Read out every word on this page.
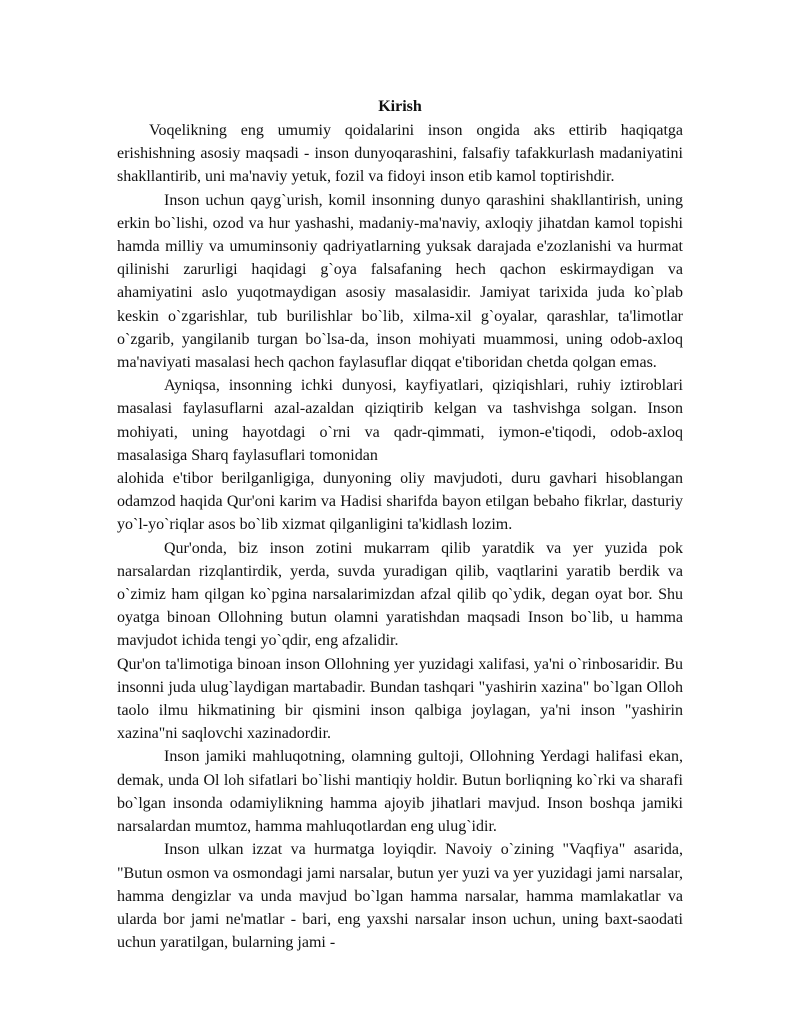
Kirish

Voqelikning eng umumiy qoidalarini inson ongida aks ettirib haqiqatga erishishning asosiy maqsadi - inson dunyoqarashini, falsafiy tafakkurlash madaniyatini shakllantirib, uni ma'naviy yetuk, fozil va fidoyi inson etib kamol toptirishdir.

Inson uchun qayg`urish, komil insonning dunyo qarashini shakllantirish, uning erkin bo`lishi, ozod va hur yashashi, madaniy-ma'naviy, axloqiy jihatdan kamol topishi hamda milliy va umuminsoniy qadriyatlarning yuksak darajada e'zozlanishi va hurmat qilinishi zarurligi haqidagi g`oya falsafaning hech qachon eskirmaydigan va ahamiyatini aslo yuqotmaydigan asosiy masalasidir. Jamiyat tarixida juda ko`plab keskin o`zgarishlar, tub burilishlar bo`lib, xilma-xil g`oyalar, qarashlar, ta'limotlar o`zgarib, yangilanib turgan bo`lsa-da, inson mohiyati muammosi, uning odob-axloq ma'naviyati masalasi hech qachon faylasuflar diqqat e'tiboridan chetda qolgan emas.

Ayniqsa, insonning ichki dunyosi, kayfiyatlari, qiziqishlari, ruhiy iztiroblari masalasi faylasuflarni azal-azaldan qiziqtirib kelgan va tashvishga solgan. Inson mohiyati, uning hayotdagi o`rni va qadr-qimmati, iymon-e'tiqodi, odob-axloq masalasiga Sharq faylasuflari tomonidan

alohida e'tibor berilganligiga, dunyoning oliy mavjudoti, duru gavhari hisoblangan odamzod haqida Qur'oni karim va Hadisi sharifda bayon etilgan bebaho fikrlar, dasturiy yo`l-yo`riqlar asos bo`lib xizmat qilganligini ta'kidlash lozim.

Qur'onda, biz inson zotini mukarram qilib yaratdik va yer yuzida pok narsalardan rizqlantirdik, yerda, suvda yuradigan qilib, vaqtlarini yaratib berdik va o`zimiz ham qilgan ko`pgina narsalarimizdan afzal qilib qo`ydik, degan oyat bor. Shu oyatga binoan Ollohning butun olamni yaratishdan maqsadi Inson bo`lib, u hamma mavjudot ichida tengi yo`qdir, eng afzalidir.

Qur'on ta'limotiga binoan inson Ollohning yer yuzidagi xalifasi, ya'ni o`rinbosaridir. Bu insonni juda ulug`laydigan martabadir. Bundan tashqari "yashirin xazina" bo`lgan Olloh taolo ilmu hikmatining bir qismini inson qalbiga joylagan, ya'ni inson "yashirin xazina"ni saqlovchi xazinadordir.

Inson jamiki mahluqotning, olamning gultoji, Ollohning Yerdagi halifasi ekan, demak, unda Ol loh sifatlari bo`lishi mantiqiy holdir. Butun borliqning ko`rki va sharafi bo`lgan insonda odamiylikning hamma ajoyib jihatlari mavjud. Inson boshqa jamiki narsalardan mumtoz, hamma mahluqotlardan eng ulug`idir.

Inson ulkan izzat va hurmatga loyiqdir. Navoiy o`zining "Vaqfiya" asarida, "Butun osmon va osmondagi jami narsalar, butun yer yuzi va yer yuzidagi jami narsalar, hamma dengizlar va unda mavjud bo`lgan hamma narsalar, hamma mamlakatlar va ularda bor jami ne'matlar - bari, eng yaxshi narsalar inson uchun, uning baxt-saodati uchun yaratilgan, bularning jami -
